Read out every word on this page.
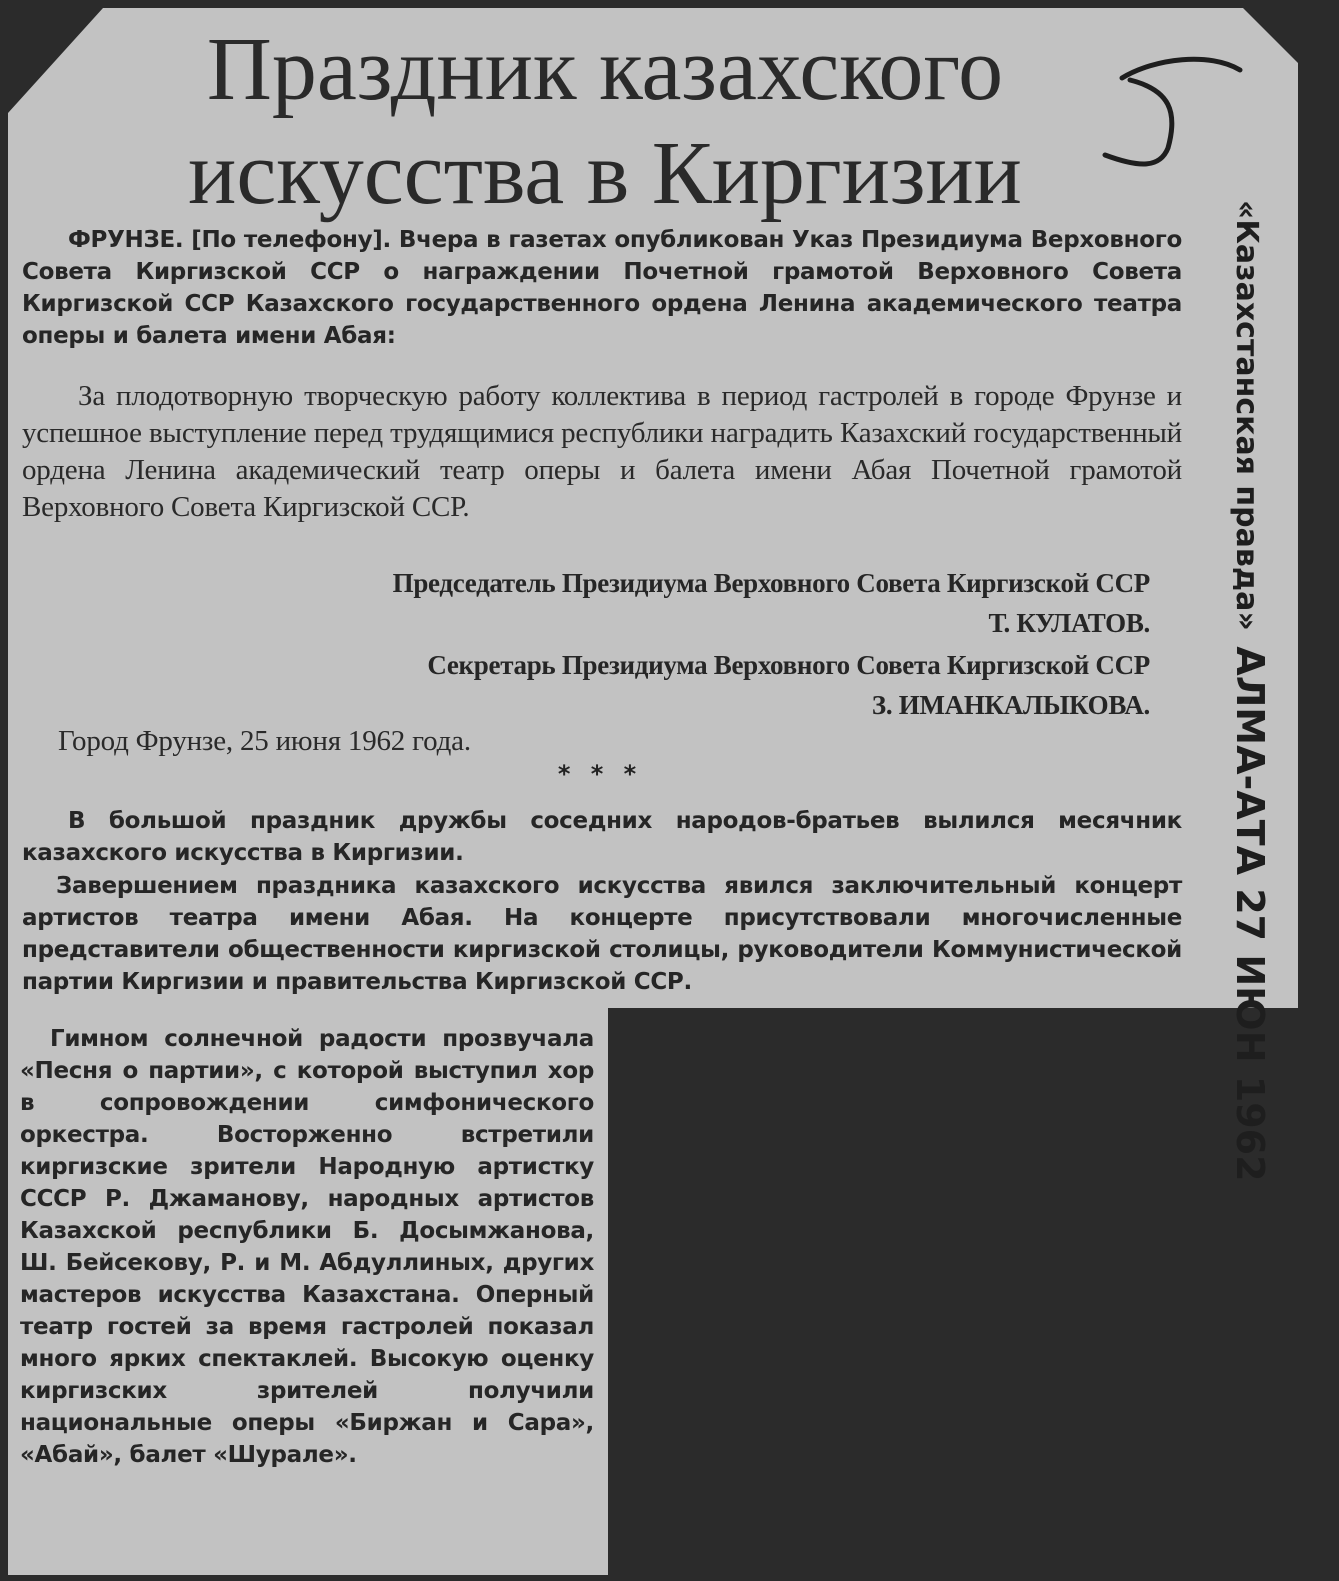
Праздник казахского
искусства в Киргизии

ФРУНЗЕ. [По телефону]. Вчера в газетах опубликован Указ Президиума Верховного Совета Киргизской ССР о награждении Почетной грамотой Верховного Совета Киргизской ССР Казахского государственного ордена Ленина академического театра оперы и балета имени Абая:

За плодотворную творческую работу коллектива в период гастролей в городе Фрунзе и успешное выступление перед трудящимися республики наградить Казахский государственный ордена Ленина академический театр оперы и балета имени Абая Почетной грамотой Верховного Совета Киргизской ССР.

Председатель Президиума Верховного Совета Киргизской ССР
Т. КУЛАТОВ.
Секретарь Президиума Верховного Совета Киргизской ССР
З. ИМАНКАЛЫКОВА.
Город Фрунзе, 25 июня 1962 года.
* * *

В большой праздник дружбы соседних народов-братьев вылился месячник казахского искусства в Киргизии.

Завершением праздника казахского искусства явился заключительный концерт артистов театра имени Абая. На концерте присутствовали многочисленные представители общественности киргизской столицы, руководители Коммунистической партии Киргизии и правительства Киргизской ССР.

Гимном солнечной радости прозвучала «Песня о партии», с которой выступил хор в сопровождении симфонического оркестра. Восторженно встретили киргизские зрители Народную артистку СССР Р. Джаманову, народных артистов Казахской республики Б. Досымжанова, Ш. Бейсекову, Р. и М. Абдуллиных, других мастеров искусства Казахстана. Оперный театр гостей за время гастролей показал много ярких спектаклей. Высокую оценку киргизских зрителей получили национальные оперы «Биржан и Сара», «Абай», балет «Шурале».

«Казахстанская правда» АЛМА-АТА 27 ИЮН 1962
